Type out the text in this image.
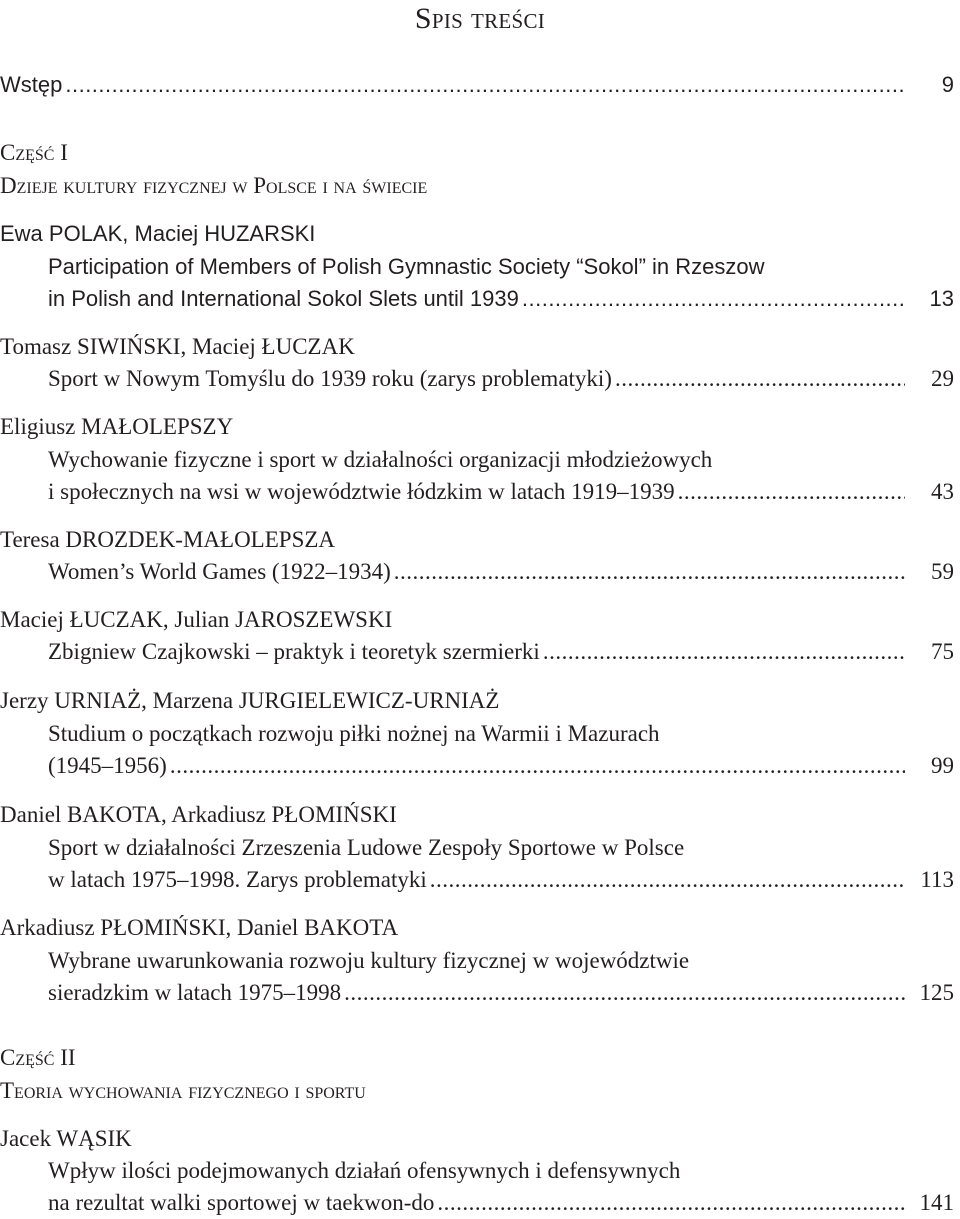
Spis treści
Wstęp .....	9
Część I
Dzieje kultury fizycznej w Polsce i na świecie
Ewa POLAK, Maciej HUZARSKI
Participation of Members of Polish Gymnastic Society “Sokol” in Rzeszow
in Polish and International Sokol Slets until 1939 .....	13
Tomasz SIWIŃSKI, Maciej ŁUCZAK
Sport w Nowym Tomyślu do 1939 roku (zarys problematyki) .....	29
Eligiusz MAŁOLEPSZY
Wychowanie fizyczne i sport w działalności organizacji młodzieżowych
i społecznych na wsi w województwie łódzkim w latach 1919–1939 .....	43
Teresa DROZDEK-MAŁOLEPSZA
Women’s World Games (1922–1934) .....	59
Maciej ŁUCZAK, Julian JAROSZEWSKI
Zbigniew Czajkowski – praktyk i teoretyk szermierki .....	75
Jerzy URNIAŻ, Marzena JURGIELEWICZ-URNIAŻ
Studium o początkach rozwoju piłki nożnej na Warmii i Mazurach
(1945–1956) .....	99
Daniel BAKOTA, Arkadiusz PŁOMIŃSKI
Sport w działalności Zrzeszenia Ludowe Zespoły Sportowe w Polsce
w latach 1975–1998. Zarys problematyki .....	113
Arkadiusz PŁOMIŃSKI, Daniel BAKOTA
Wybrane uwarunkowania rozwoju kultury fizycznej w województwie
sieradzkim w latach 1975–1998 .....	125
Część II
Teoria wychowania fizycznego i sportu
Jacek WĄSIK
Wpływ ilości podejmowanych działań ofensywnych i defensywnych
na rezultat walki sportowej w taekwon-do .....	141
